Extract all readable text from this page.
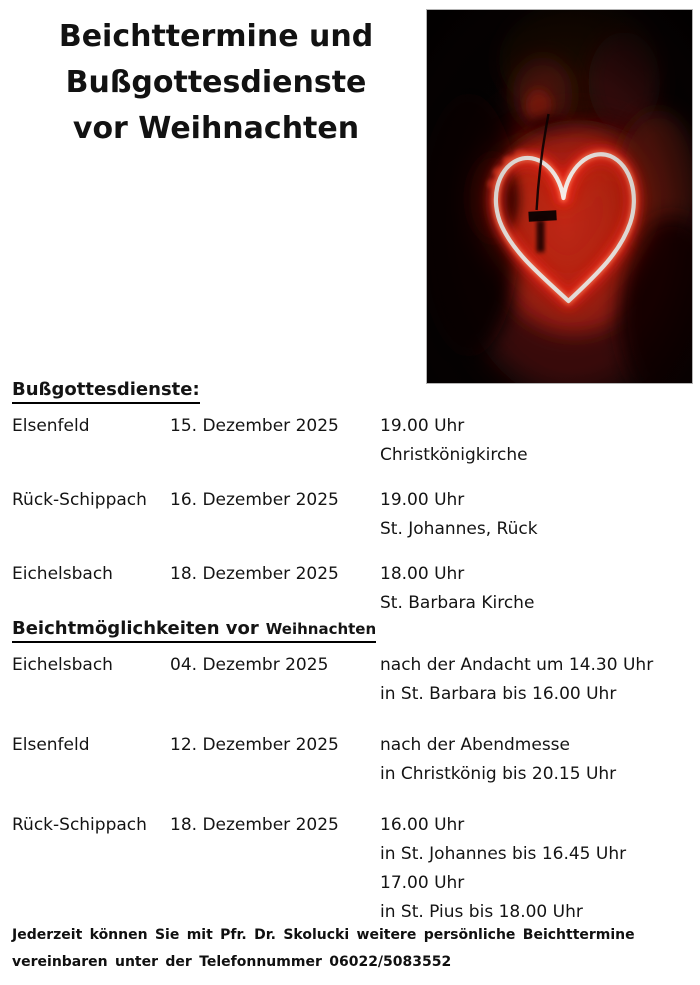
Beichttermine und
Bußgottesdienste
vor Weihnachten
Bußgottesdienste:
Elsenfeld	15. Dezember 2025	19.00 Uhr
Christkönigkirche
Rück-Schippach	16. Dezember 2025	19.00 Uhr
St. Johannes, Rück
Eichelsbach	18. Dezember 2025	18.00 Uhr
St. Barbara Kirche
Beichtmöglichkeiten vor Weihnachten
Eichelsbach	04. Dezembr 2025	nach der Andacht um 14.30 Uhr
in St. Barbara bis 16.00 Uhr
Elsenfeld	12. Dezember 2025	nach der Abendmesse
in Christkönig bis 20.15 Uhr
Rück-Schippach	18. Dezember 2025	16.00 Uhr
in St. Johannes bis 16.45 Uhr
17.00 Uhr
in St. Pius bis 18.00 Uhr
Jederzeit können Sie mit Pfr. Dr. Skolucki weitere persönliche Beichttermine
vereinbaren unter der Telefonnummer 06022/5083552
